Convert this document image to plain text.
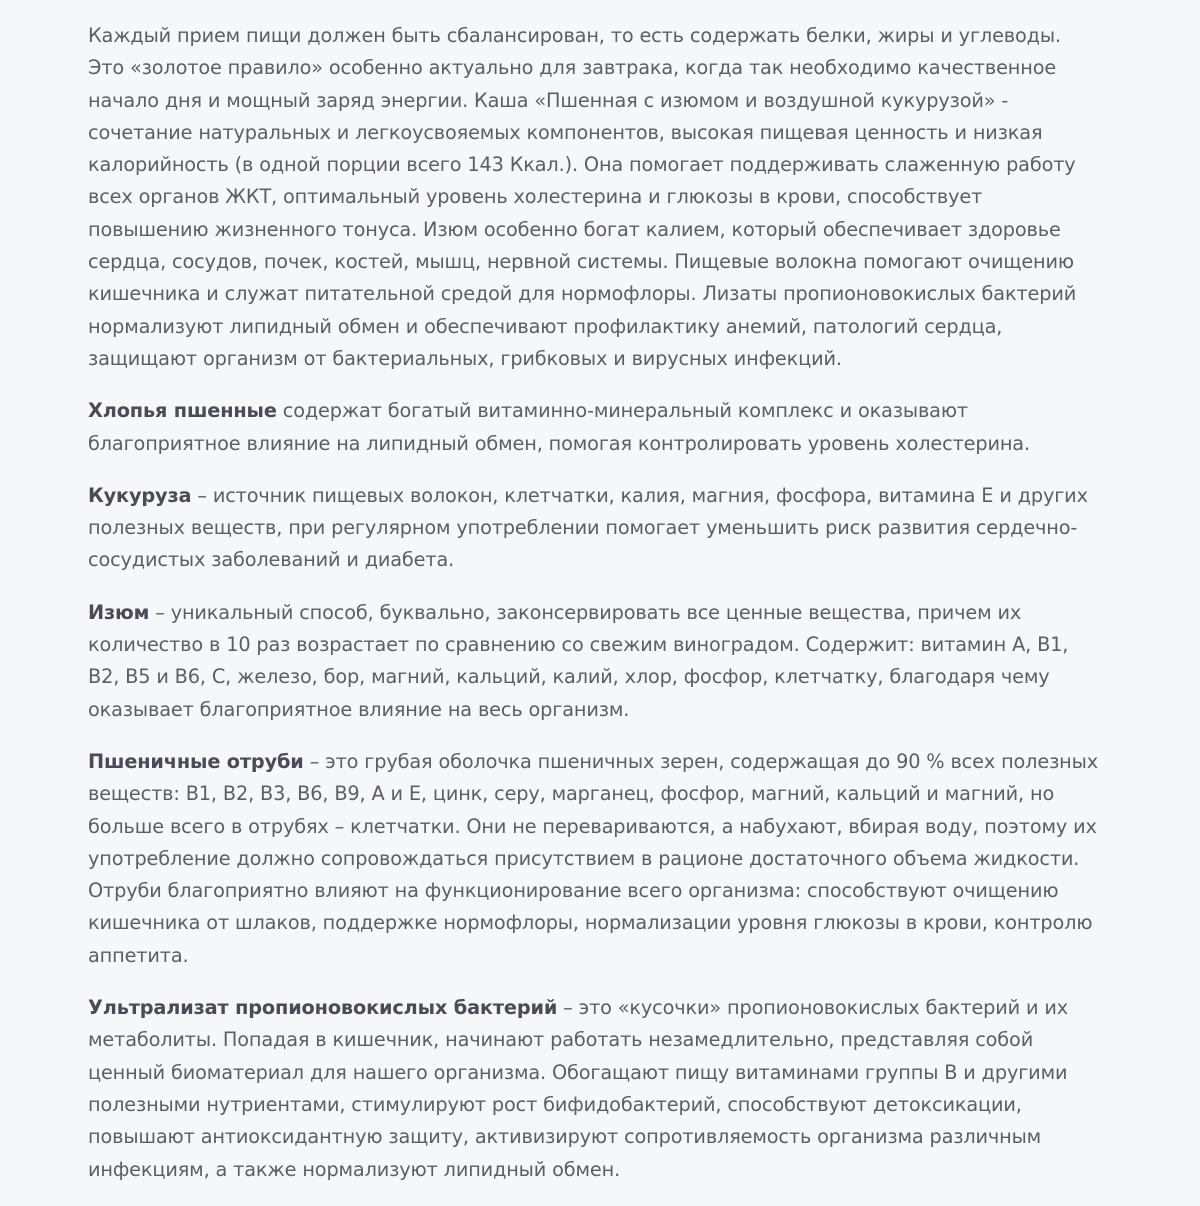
Каждый прием пищи должен быть сбалансирован, то есть содержать белки, жиры и углеводы. Это «золотое правило» особенно актуально для завтрака, когда так необходимо качественное начало дня и мощный заряд энергии. Каша «Пшенная с изюмом и воздушной кукурузой» - сочетание натуральных и легкоусвояемых компонентов, высокая пищевая ценность и низкая калорийность (в одной порции всего 143 Ккал.). Она помогает поддерживать слаженную работу всех органов ЖКТ, оптимальный уровень холестерина и глюкозы в крови, способствует повышению жизненного тонуса. Изюм особенно богат калием, который обеспечивает здоровье сердца, сосудов, почек, костей, мышц, нервной системы. Пищевые волокна помогают очищению кишечника и служат питательной средой для нормофлоры. Лизаты пропионовокислых бактерий нормализуют липидный обмен и обеспечивают профилактику анемий, патологий сердца, защищают организм от бактериальных, грибковых и вирусных инфекций.

Хлопья пшенные содержат богатый витаминно-минеральный комплекс и оказывают благоприятное влияние на липидный обмен, помогая контролировать уровень холестерина.

Кукуруза – источник пищевых волокон, клетчатки, калия, магния, фосфора, витамина Е и других полезных веществ, при регулярном употреблении помогает уменьшить риск развития сердечно-сосудистых заболеваний и диабета.

Изюм – уникальный способ, буквально, законсервировать все ценные вещества, причем их количество в 10 раз возрастает по сравнению со свежим виноградом. Содержит: витамин А, В1, В2, В5 и В6, С, железо, бор, магний, кальций, калий, хлор, фосфор, клетчатку, благодаря чему оказывает благоприятное влияние на весь организм.

Пшеничные отруби – это грубая оболочка пшеничных зерен, содержащая до 90 % всех полезных веществ: В1, В2, В3, В6, В9, А и Е, цинк, серу, марганец, фосфор, магний, кальций и магний, но больше всего в отрубях – клетчатки. Они не перевариваются, а набухают, вбирая воду, поэтому их употребление должно сопровождаться присутствием в рационе достаточного объема жидкости. Отруби благоприятно влияют на функционирование всего организма: способствуют очищению кишечника от шлаков, поддержке нормофлоры, нормализации уровня глюкозы в крови, контролю аппетита.

Ультрализат пропионовокислых бактерий – это «кусочки» пропионовокислых бактерий и их метаболиты. Попадая в кишечник, начинают работать незамедлительно, представляя собой ценный биоматериал для нашего организма. Обогащают пищу витаминами группы В и другими полезными нутриентами, стимулируют рост бифидобактерий, способствуют детоксикации, повышают антиоксидантную защиту, активизируют сопротивляемость организма различным инфекциям, а также нормализуют липидный обмен.
